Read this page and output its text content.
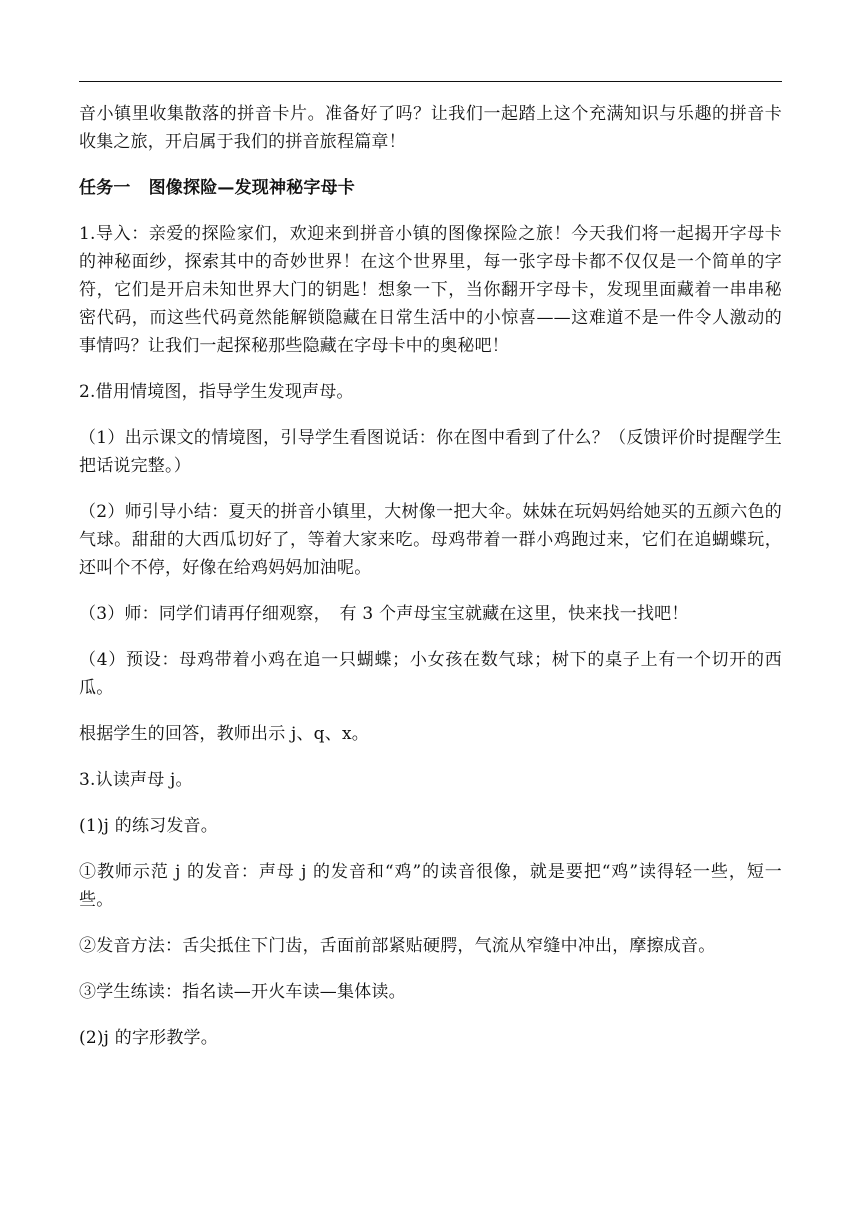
音小镇里收集散落的拼音卡片。准备好了吗？让我们一起踏上这个充满知识与乐趣的拼音卡收集之旅，开启属于我们的拼音旅程篇章！

任务一 图像探险—发现神秘字母卡

1.导入：亲爱的探险家们，欢迎来到拼音小镇的图像探险之旅！今天我们将一起揭开字母卡的神秘面纱，探索其中的奇妙世界！在这个世界里，每一张字母卡都不仅仅是一个简单的字符，它们是开启未知世界大门的钥匙！想象一下，当你翻开字母卡，发现里面藏着一串串秘密代码，而这些代码竟然能解锁隐藏在日常生活中的小惊喜——这难道不是一件令人激动的事情吗？让我们一起探秘那些隐藏在字母卡中的奥秘吧！

2.借用情境图，指导学生发现声母。

（1）出示课文的情境图，引导学生看图说话：你在图中看到了什么？（反馈评价时提醒学生把话说完整。）

（2）师引导小结：夏天的拼音小镇里，大树像一把大伞。妹妹在玩妈妈给她买的五颜六色的气球。甜甜的大西瓜切好了，等着大家来吃。母鸡带着一群小鸡跑过来，它们在追蝴蝶玩，还叫个不停，好像在给鸡妈妈加油呢。

（3）师：同学们请再仔细观察，　有 3 个声母宝宝就藏在这里，快来找一找吧！

（4）预设：母鸡带着小鸡在追一只蝴蝶；小女孩在数气球；树下的桌子上有一个切开的西瓜。

根据学生的回答，教师出示 j、q、x。

3.认读声母 j。

(1)j 的练习发音。

①教师示范 j 的发音：声母 j 的发音和“鸡”的读音很像，就是要把“鸡”读得轻一些，短一些。

②发音方法：舌尖抵住下门齿，舌面前部紧贴硬腭，气流从窄缝中冲出，摩擦成音。

③学生练读：指名读—开火车读—集体读。

(2)j 的字形教学。
